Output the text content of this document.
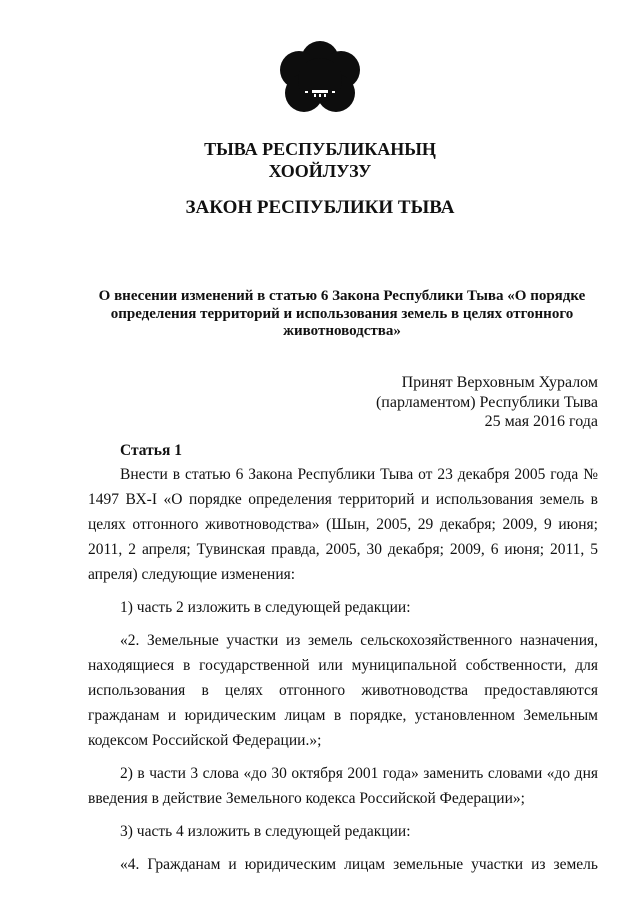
ТЫВА РЕСПУБЛИКАНЫҢ
ХООЙЛУЗУ
ЗАКОН РЕСПУБЛИКИ ТЫВА
О внесении изменений в статью 6 Закона Республики Тыва «О порядке
определения территорий и использования земель в целях отгонного
животноводства»
Принят Верховным Хуралом
(парламентом) Республики Тыва
25 мая 2016 года
Статья 1

Внести в статью 6 Закона Республики Тыва от 23 декабря 2005 года № 1497 ВХ-I «О порядке определения территорий и использования земель в целях отгонного животноводства» (Шын, 2005, 29 декабря; 2009, 9 июня; 2011, 2 апреля; Тувинская правда, 2005, 30 декабря; 2009, 6 июня; 2011, 5 апреля) следующие изменения:

1) часть 2 изложить в следующей редакции:

«2. Земельные участки из земель сельскохозяйственного назначения, находящиеся в государственной или муниципальной собственности, для использования в целях отгонного животноводства предоставляются гражданам и юридическим лицам в порядке, установленном Земельным кодексом Российской Федерации.»;

2) в части 3 слова «до 30 октября 2001 года» заменить словами «до дня введения в действие Земельного кодекса Российской Федерации»;

3) часть 4 изложить в следующей редакции:

«4. Гражданам и юридическим лицам земельные участки из земель
